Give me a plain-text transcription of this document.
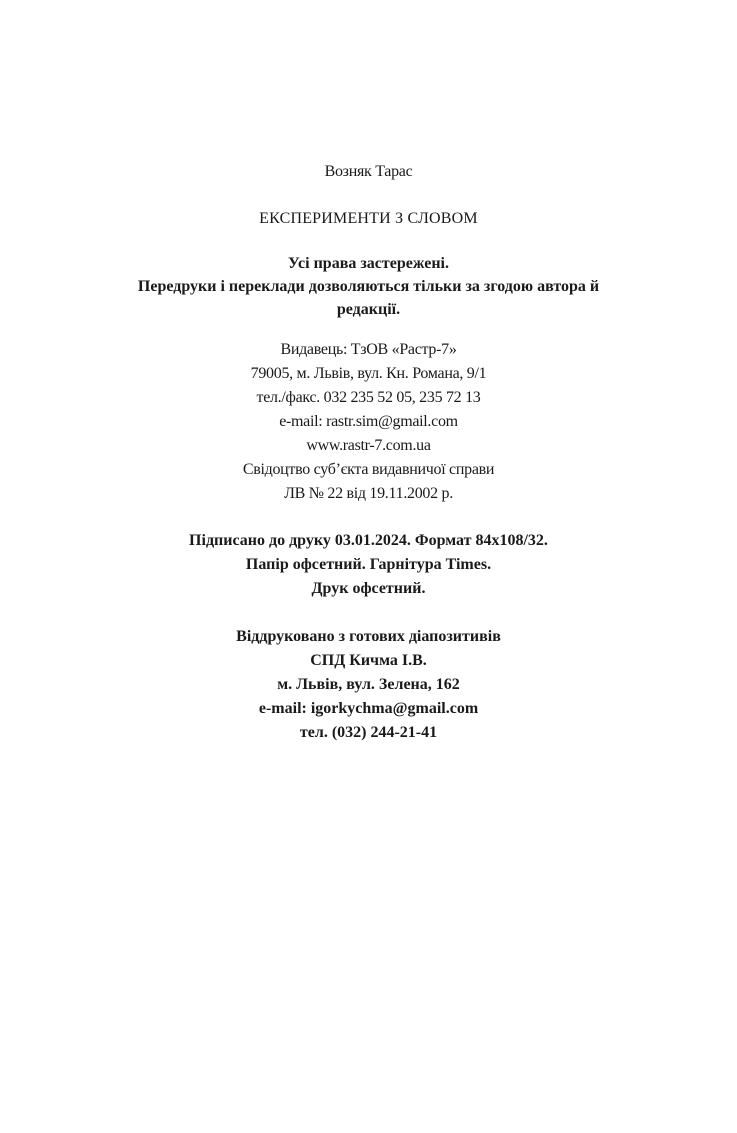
Возняк Тарас
ЕКСПЕРИМЕНТИ З СЛОВОМ
Усі права застережені.
Передруки і переклади дозволяються тільки за згодою автора й
редакції.
Видавець: ТзОВ «Растр-7»
79005, м. Львів, вул. Кн. Романа, 9/1
тел./факс. 032 235 52 05, 235 72 13
e-mail: rastr.sim@gmail.com
www.rastr-7.com.ua
Свідоцтво суб’єкта видавничої справи
ЛВ № 22 від 19.11.2002 р.
Підписано до друку 03.01.2024. Формат 84x108/32.
Папір офсетний. Гарнітура Times.
Друк офсетний.
Віддруковано з готових діапозитивів
СПД Кичма І.В.
м. Львів, вул. Зелена, 162
e-mail: igorkychma@gmail.com
тел. (032) 244-21-41
